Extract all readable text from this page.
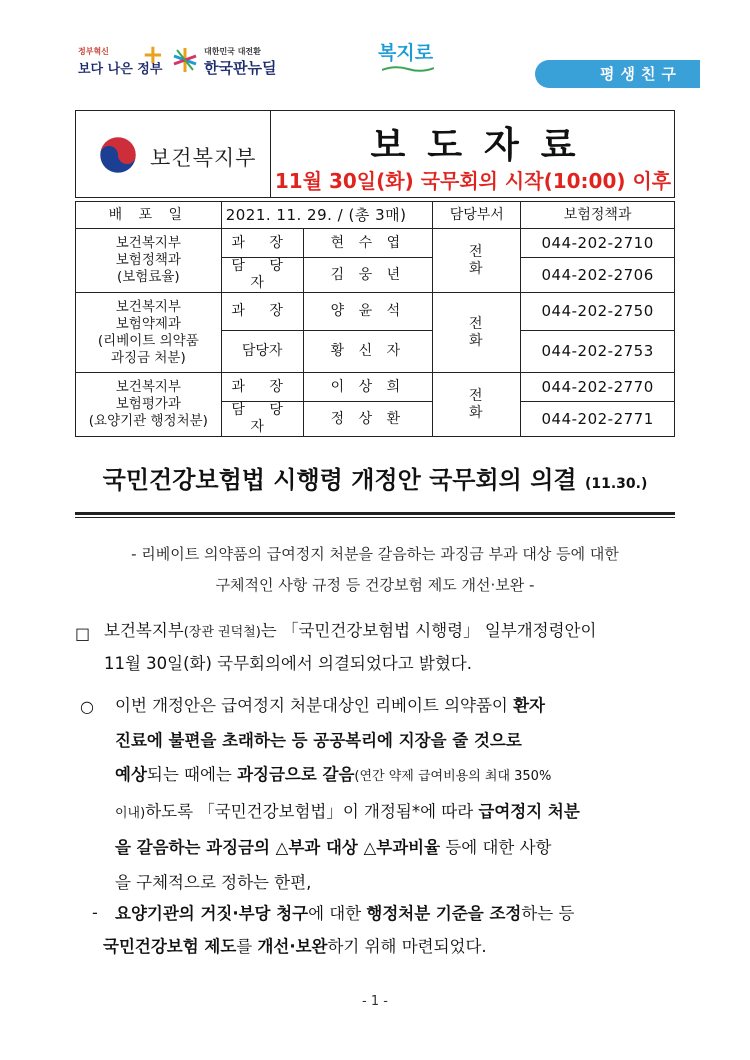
정부혁신
보다 나은 정부
+	대한민국 대전환
한국판뉴딜
복지로
평생친구
보건복지부	보도자료
11월 30일(화) 국무회의 시작(10:00) 이후
배 포 일	2021. 11. 29. / (총 3매)		담당부서	보험정책과

보건복지부
보험정책과
(보험료율)	과 장	현 수 엽	전 화	044-202-2710
	담 당 자	김 웅 년		044-202-2706

보건복지부
보험약제과
(리베이트 의약품
과징금 처분)	과 장	양 윤 석	전 화	044-202-2750
	담당자	황 신 자		044-202-2753

보건복지부
보험평가과
(요양기관 행정처분)	과 장	이 상 희	전 화	044-202-2770
	담 당 자	정 상 환		044-202-2771
국민건강보험법 시행령 개정안 국무회의 의결 (11.30.)
- 리베이트 의약품의 급여정지 처분을 갈음하는 과징금 부과 대상 등에 대한
구체적인 사항 규정 등 건강보험 제도 개선·보완 -
□ 보건복지부(장관 권덕철)는 「국민건강보험법 시행령」 일부개정령안이
11월 30일(화) 국무회의에서 의결되었다고 밝혔다.
○ 이번 개정안은 급여정지 처분대상인 리베이트 의약품이 환자
진료에 불편을 초래하는 등 공공복리에 지장을 줄 것으로
예상되는 때에는 과징금으로 갈음(연간 약제 급여비용의 최대 350%
이내)하도록 「국민건강보험법」이 개정됨*에 따라 급여정지 처분
을 갈음하는 과징금의 △부과 대상 △부과비율 등에 대한 사항
을 구체적으로 정하는 한편,
- 요양기관의 거짓·부당 청구에 대한 행정처분 기준을 조정하는 등
국민건강보험 제도를 개선·보완하기 위해 마련되었다.
- 1 -
